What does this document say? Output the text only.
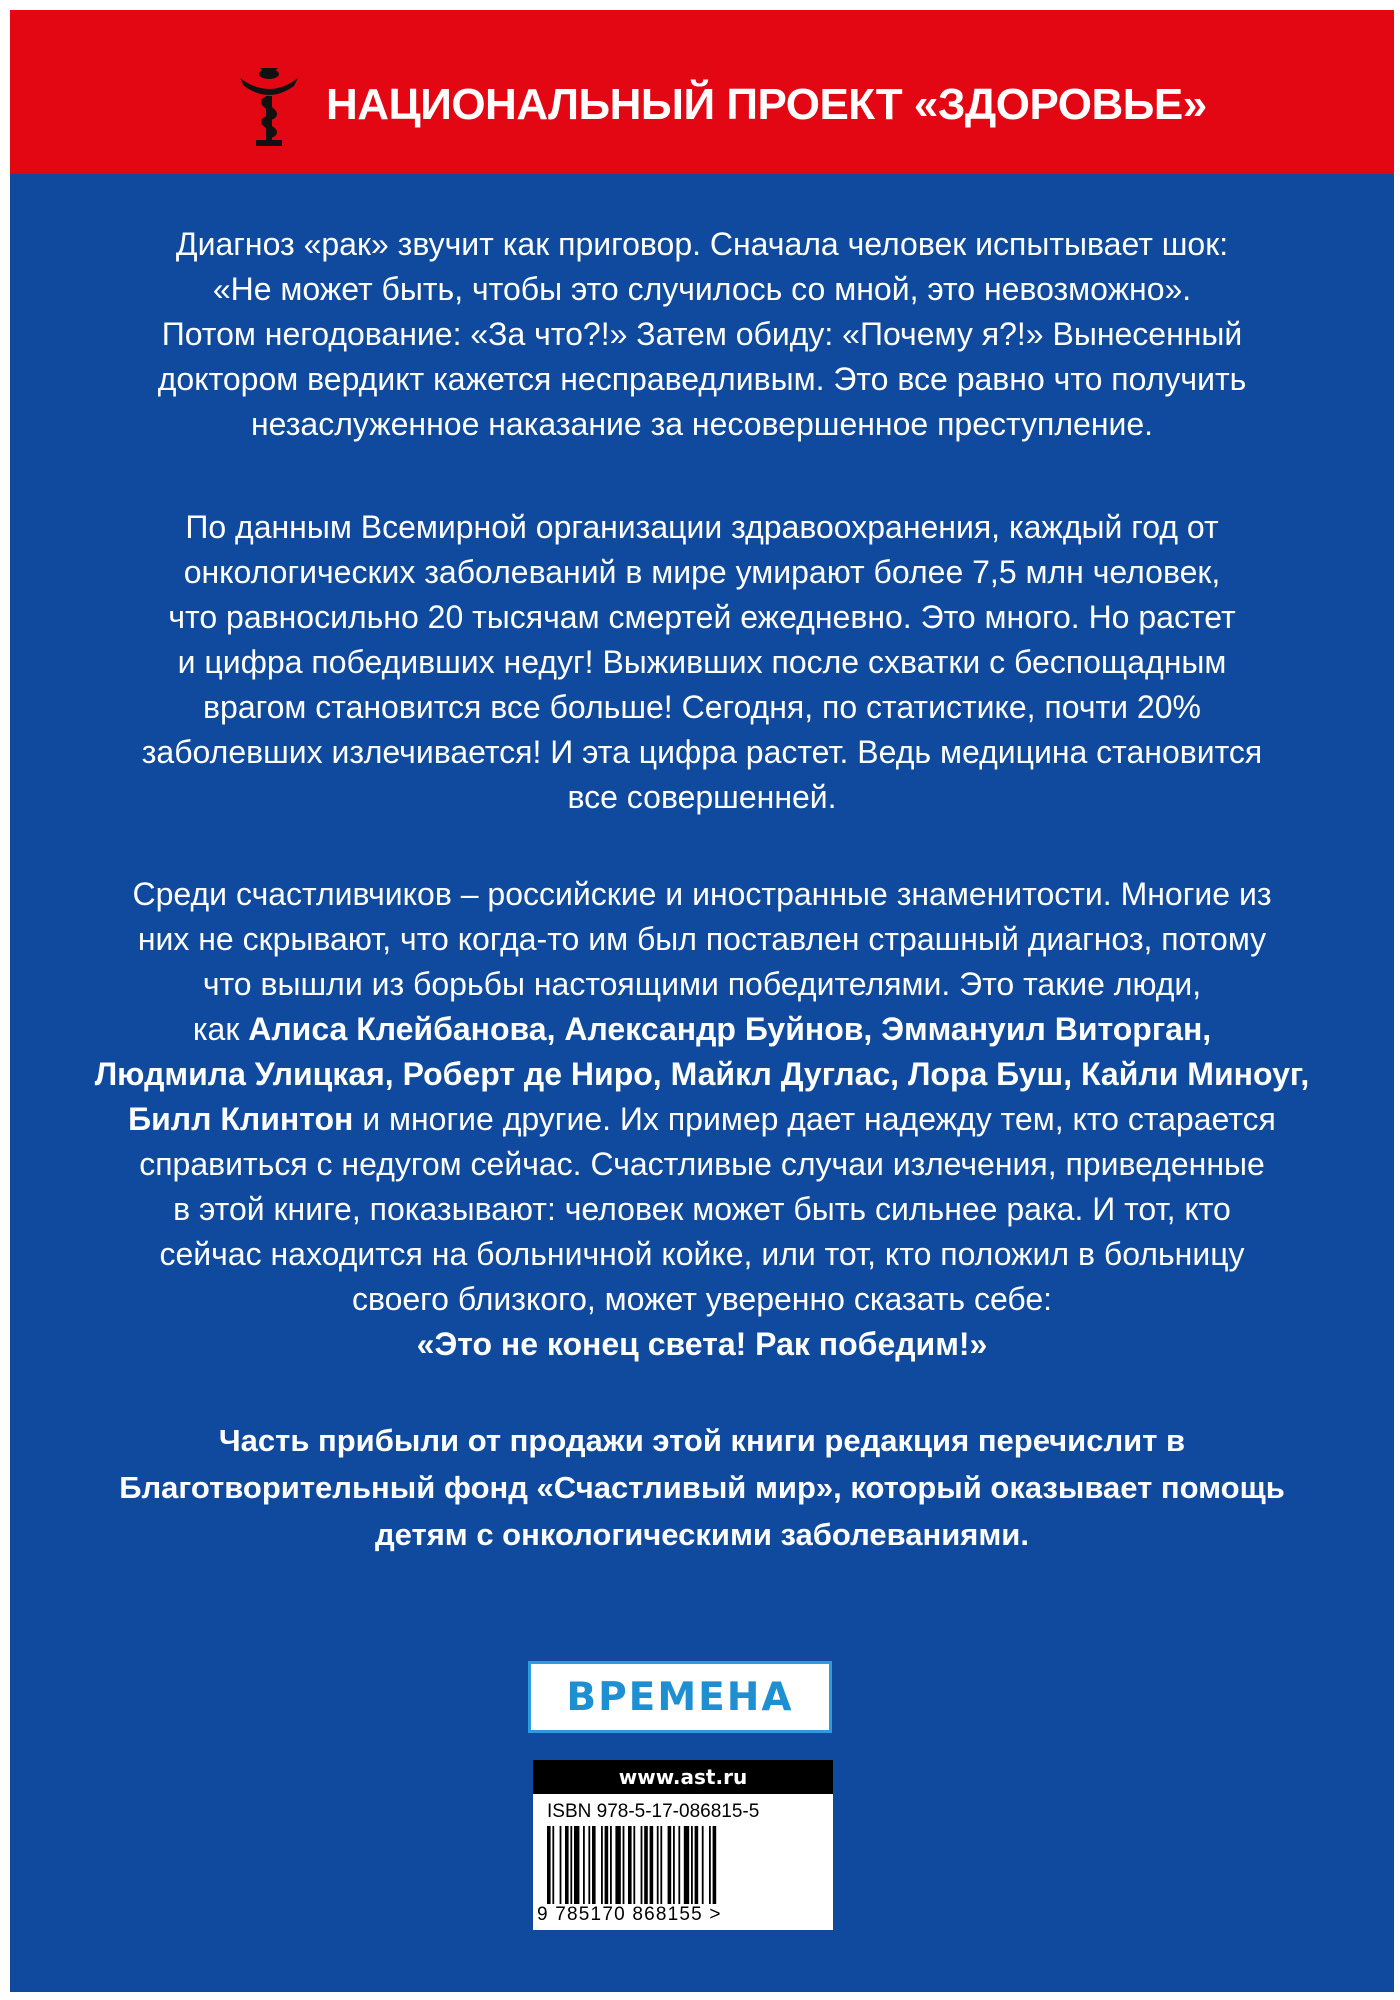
НАЦИОНАЛЬНЫЙ ПРОЕКТ «ЗДОРОВЬЕ»
Диагноз «рак» звучит как приговор. Сначала человек испытывает шок:
«Не может быть, чтобы это случилось со мной, это невозможно».
Потом негодование: «За что?!» Затем обиду: «Почему я?!» Вынесенный
доктором вердикт кажется несправедливым. Это все равно что получить
незаслуженное наказание за несовершенное преступление.
По данным Всемирной организации здравоохранения, каждый год от
онкологических заболеваний в мире умирают более 7,5 млн человек,
что равносильно 20 тысячам смертей ежедневно. Это много. Но растет
и цифра победивших недуг! Выживших после схватки с беспощадным
врагом становится все больше! Сегодня, по статистике, почти 20%
заболевших излечивается! И эта цифра растет. Ведь медицина становится
все совершенней.
Среди счастливчиков – российские и иностранные знаменитости. Многие из
них не скрывают, что когда-то им был поставлен страшный диагноз, потому
что вышли из борьбы настоящими победителями. Это такие люди,
как Алиса Клейбанова, Александр Буйнов, Эммануил Виторган,
Людмила Улицкая, Роберт де Ниро, Майкл Дуглас, Лора Буш, Кайли Миноуг,
Билл Клинтон и многие другие. Их пример дает надежду тем, кто старается
справиться с недугом сейчас. Счастливые случаи излечения, приведенные
в этой книге, показывают: человек может быть сильнее рака. И тот, кто
сейчас находится на больничной койке, или тот, кто положил в больницу
своего близкого, может уверенно сказать себе:
«Это не конец света! Рак победим!»
Часть прибыли от продажи этой книги редакция перечислит в
Благотворительный фонд «Счастливый мир», который оказывает помощь
детям с онкологическими заболеваниями.
ВРЕМЕНА
www.ast.ru
ISBN 978-5-17-086815-5
9 785170 868155 >
